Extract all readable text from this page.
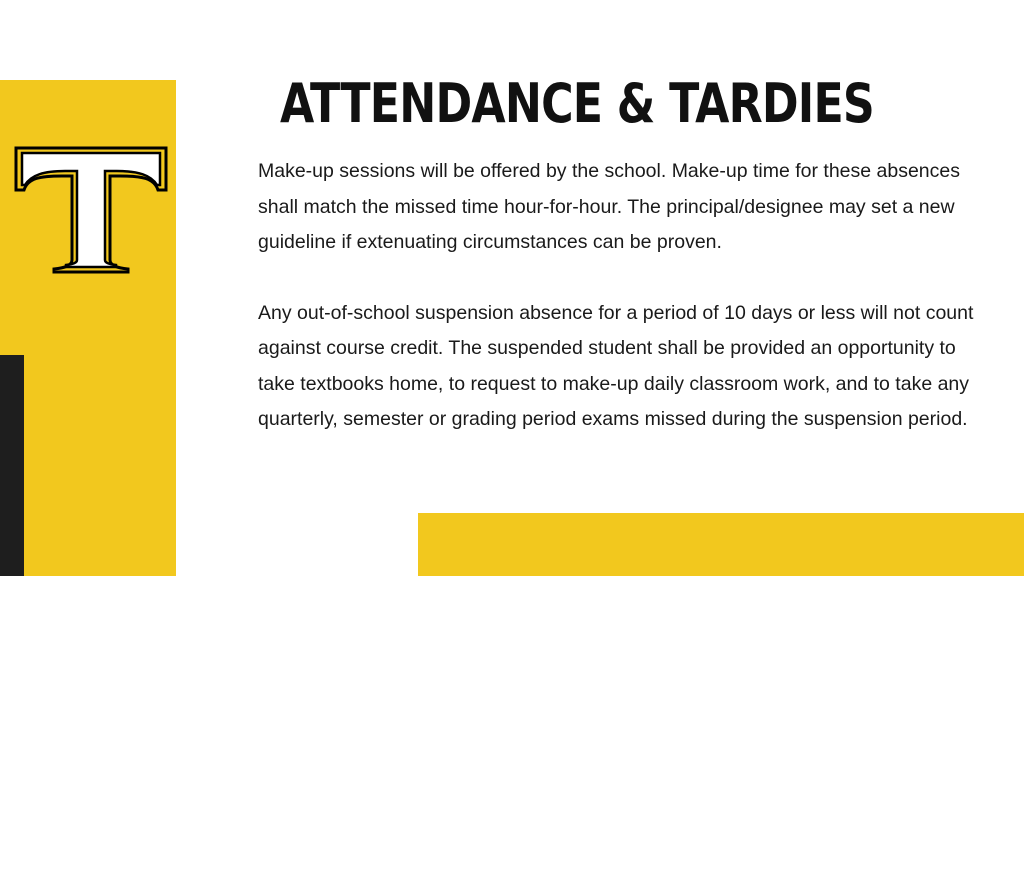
SLIDESMANIA.COM
ATTENDANCE & TARDIES

Make-up sessions will be offered by the school. Make-up time for these absences shall match the missed time hour-for-hour. The principal/designee may set a new guideline if extenuating circumstances can be proven.

Any out-of-school suspension absence for a period of 10 days or less will not count against course credit. The suspended student shall be provided an opportunity to take textbooks home, to request to make-up daily classroom work, and to take any quarterly, semester or grading period exams missed during the suspension period.
